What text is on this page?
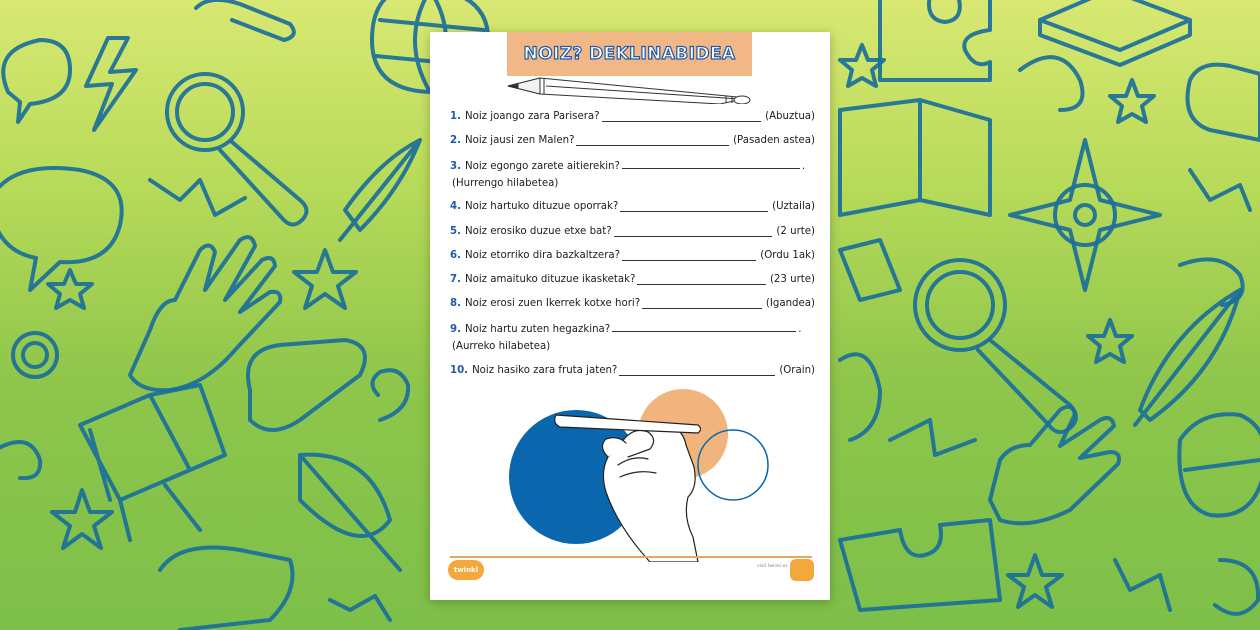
NOIZ? DEKLINABIDEA
1. Noiz joango zara Parisera?	(Abuztua)
2. Noiz jausi zen Malen?	(Pasaden astea)
3. Noiz egongo zarete aitierekin?	.
(Hurrengo hilabetea)
4. Noiz hartuko dituzue oporrak?	(Uztaila)
5. Noiz erosiko duzue etxe bat?	(2 urte)
6. Noiz etorriko dira bazkaltzera?	(Ordu 1ak)
7. Noiz amaituko dituzue ikasketak?	(23 urte)
8. Noiz erosi zuen Ikerrek kotxe hori?	(Igandea)
9. Noiz hartu zuten hegazkina?	.
(Aurreko hilabetea)
10. Noiz hasiko zara fruta jaten?	(Orain)
twinkl	visit twinkl.es
